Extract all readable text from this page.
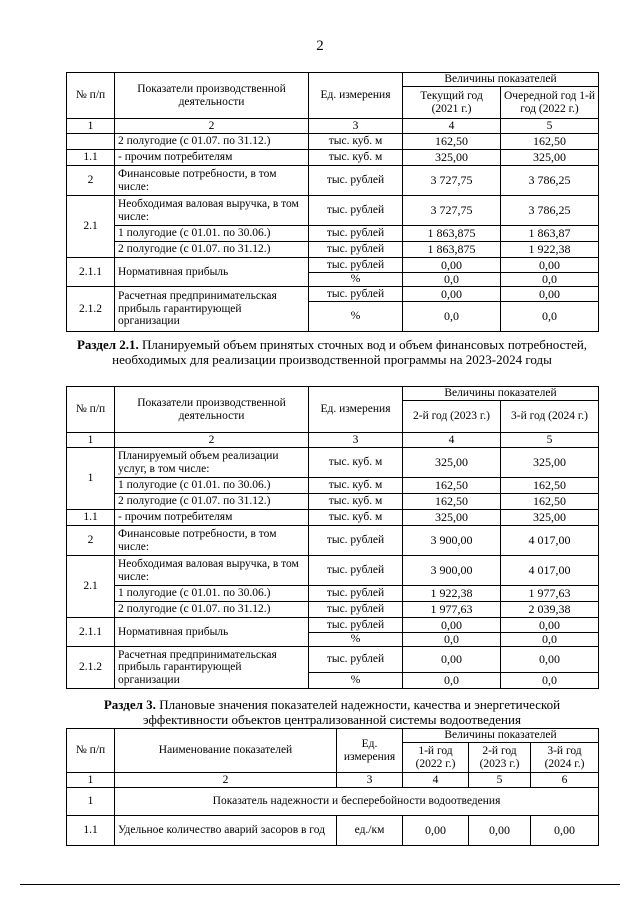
2
№ п/п	Показатели производственной деятельности	Ед. измерения	Величины показателей	
			Текущий год (2021 г.)	Очередной год 1-й год (2022 г.)
1	2	3	4	5
	2 полугодие (с 01.07. по 31.12.)	тыс. куб. м	162,50	162,50
1.1	- прочим потребителям	тыс. куб. м	325,00	325,00
2	Финансовые потребности, в том числе:	тыс. рублей	3 727,75	3 786,25
2.1	Необходимая валовая выручка, в том числе:	тыс. рублей	3 727,75	3 786,25
	1 полугодие (с 01.01. по 30.06.)	тыс. рублей	1 863,875	1 863,87
	2 полугодие (с 01.07. по 31.12.)	тыс. рублей	1 863,875	1 922,38
2.1.1	Нормативная прибыль	тыс. рублей	0,00	0,00
		%	0,0	0,0
2.1.2	Расчетная предпринимательская прибыль гарантирующей организации	тыс. рублей	0,00	0,00
		%	0,0	0,0
Раздел 2.1. Планируемый объем принятых сточных вод и объем финансовых потребностей, необходимых для реализации производственной программы на 2023-2024 годы
№ п/п	Показатели производственной деятельности	Ед. измерения	Величины показателей	
			2-й год (2023 г.)	3-й год (2024 г.)
1	2	3	4	5
1	Планируемый объем реализации услуг, в том числе:	тыс. куб. м	325,00	325,00
	1 полугодие (с 01.01. по 30.06.)	тыс. куб. м	162,50	162,50
	2 полугодие (с 01.07. по 31.12.)	тыс. куб. м	162,50	162,50
1.1	- прочим потребителям	тыс. куб. м	325,00	325,00
2	Финансовые потребности, в том числе:	тыс. рублей	3 900,00	4 017,00
2.1	Необходимая валовая выручка, в том числе:	тыс. рублей	3 900,00	4 017,00
	1 полугодие (с 01.01. по 30.06.)	тыс. рублей	1 922,38	1 977,63
	2 полугодие (с 01.07. по 31.12.)	тыс. рублей	1 977,63	2 039,38
2.1.1	Нормативная прибыль	тыс. рублей	0,00	0,00
		%	0,0	0,0
2.1.2	Расчетная предпринимательская прибыль гарантирующей организации	тыс. рублей	0,00	0,00
		%	0,0	0,0
Раздел 3. Плановые значения показателей надежности, качества и энергетической эффективности объектов централизованной системы водоотведения
№ п/п	Наименование показателей	Ед. измерения	Величины показателей		
			1-й год (2022 г.)	2-й год (2023 г.)	3-й год (2024 г.)
1	2	3	4	5	6
1	Показатель надежности и бесперебойности водоотведения				
1.1	Удельное количество аварий засоров в год	ед./км	0,00	0,00	0,00
